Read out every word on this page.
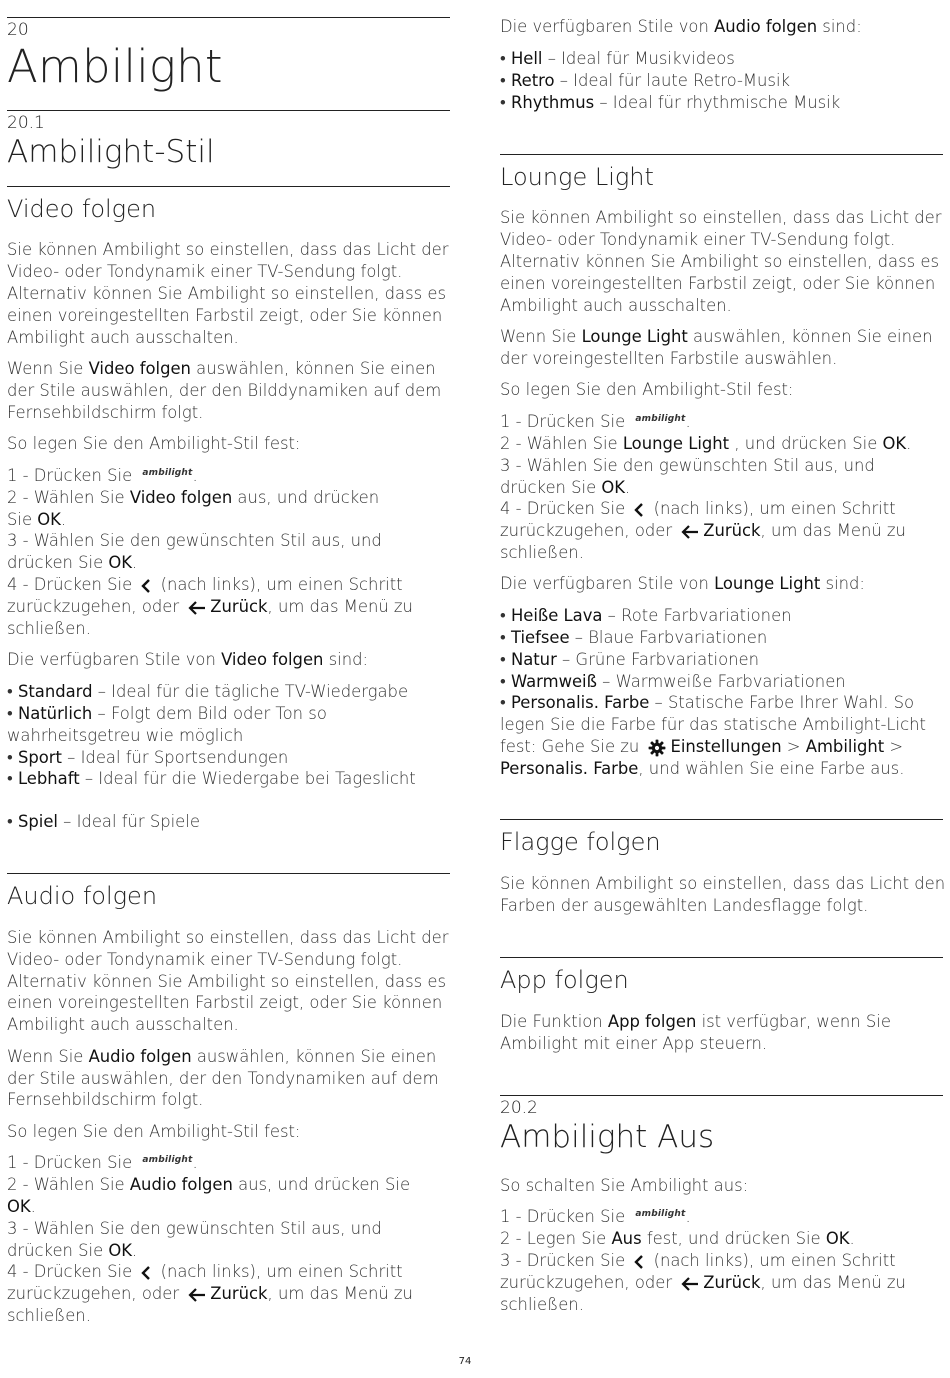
20
Ambilight
20.1
Ambilight-Stil
Video folgen
Sie können Ambilight so einstellen, dass das Licht der
Video- oder Tondynamik einer TV-Sendung folgt.
Alternativ können Sie Ambilight so einstellen, dass es
einen voreingestellten Farbstil zeigt, oder Sie können
Ambilight auch ausschalten.
Wenn Sie Video folgen auswählen, können Sie einen
der Stile auswählen, der den Bilddynamiken auf dem
Fernsehbildschirm folgt.
So legen Sie den Ambilight-Stil fest:
1 - Drücken Sie $^{ambilight}$.
2 - Wählen Sie Video folgen aus, und drücken
Sie OK.
3 - Wählen Sie den gewünschten Stil aus, und
drücken Sie OK.
4 - Drücken Sie  (nach links), um einen Schritt
zurückzugehen, oder Zurück, um das Menü zu
schließen.
Die verfügbaren Stile von Video folgen sind:
• Standard – Ideal für die tägliche TV-Wiedergabe
• Natürlich – Folgt dem Bild oder Ton so
wahrheitsgetreu wie möglich
• Sport – Ideal für Sportsendungen
• Lebhaft – Ideal für die Wiedergabe bei Tageslicht
• Spiel – Ideal für Spiele
Audio folgen
Sie können Ambilight so einstellen, dass das Licht der
Video- oder Tondynamik einer TV-Sendung folgt.
Alternativ können Sie Ambilight so einstellen, dass es
einen voreingestellten Farbstil zeigt, oder Sie können
Ambilight auch ausschalten.
Wenn Sie Audio folgen auswählen, können Sie einen
der Stile auswählen, der den Tondynamiken auf dem
Fernsehbildschirm folgt.
So legen Sie den Ambilight-Stil fest:
1 - Drücken Sie $^{ambilight}$.
2 - Wählen Sie Audio folgen aus, und drücken Sie
OK.
3 - Wählen Sie den gewünschten Stil aus, und
drücken Sie OK.
4 - Drücken Sie  (nach links), um einen Schritt
zurückzugehen, oder Zurück, um das Menü zu
schließen.
Die verfügbaren Stile von Audio folgen sind:
• Hell – Ideal für Musikvideos
• Retro – Ideal für laute Retro-Musik
• Rhythmus – Ideal für rhythmische Musik
Lounge Light
Sie können Ambilight so einstellen, dass das Licht der
Video- oder Tondynamik einer TV-Sendung folgt.
Alternativ können Sie Ambilight so einstellen, dass es
einen voreingestellten Farbstil zeigt, oder Sie können
Ambilight auch ausschalten.
Wenn Sie Lounge Light auswählen, können Sie einen
der voreingestellten Farbstile auswählen.
So legen Sie den Ambilight-Stil fest:
1 - Drücken Sie $^{ambilight}$.
2 - Wählen Sie Lounge Light , und drücken Sie OK.
3 - Wählen Sie den gewünschten Stil aus, und
drücken Sie OK.
4 - Drücken Sie  (nach links), um einen Schritt
zurückzugehen, oder Zurück, um das Menü zu
schließen.
Die verfügbaren Stile von Lounge Light sind:
• Heiße Lava – Rote Farbvariationen
• Tiefsee – Blaue Farbvariationen
• Natur – Grüne Farbvariationen
• Warmweiß – Warmweiße Farbvariationen
• Personalis. Farbe – Statische Farbe Ihrer Wahl. So
legen Sie die Farbe für das statische Ambilight-Licht
fest: Gehe Sie zu Einstellungen > Ambilight >
Personalis. Farbe, und wählen Sie eine Farbe aus.
Flagge folgen
Sie können Ambilight so einstellen, dass das Licht den
Farben der ausgewählten Landesflagge folgt.
App folgen
Die Funktion App folgen ist verfügbar, wenn Sie
Ambilight mit einer App steuern.
20.2
Ambilight Aus
So schalten Sie Ambilight aus:
1 - Drücken Sie $^{ambilight}$.
2 - Legen Sie Aus fest, und drücken Sie OK.
3 - Drücken Sie  (nach links), um einen Schritt
zurückzugehen, oder Zurück, um das Menü zu
schließen.
74
